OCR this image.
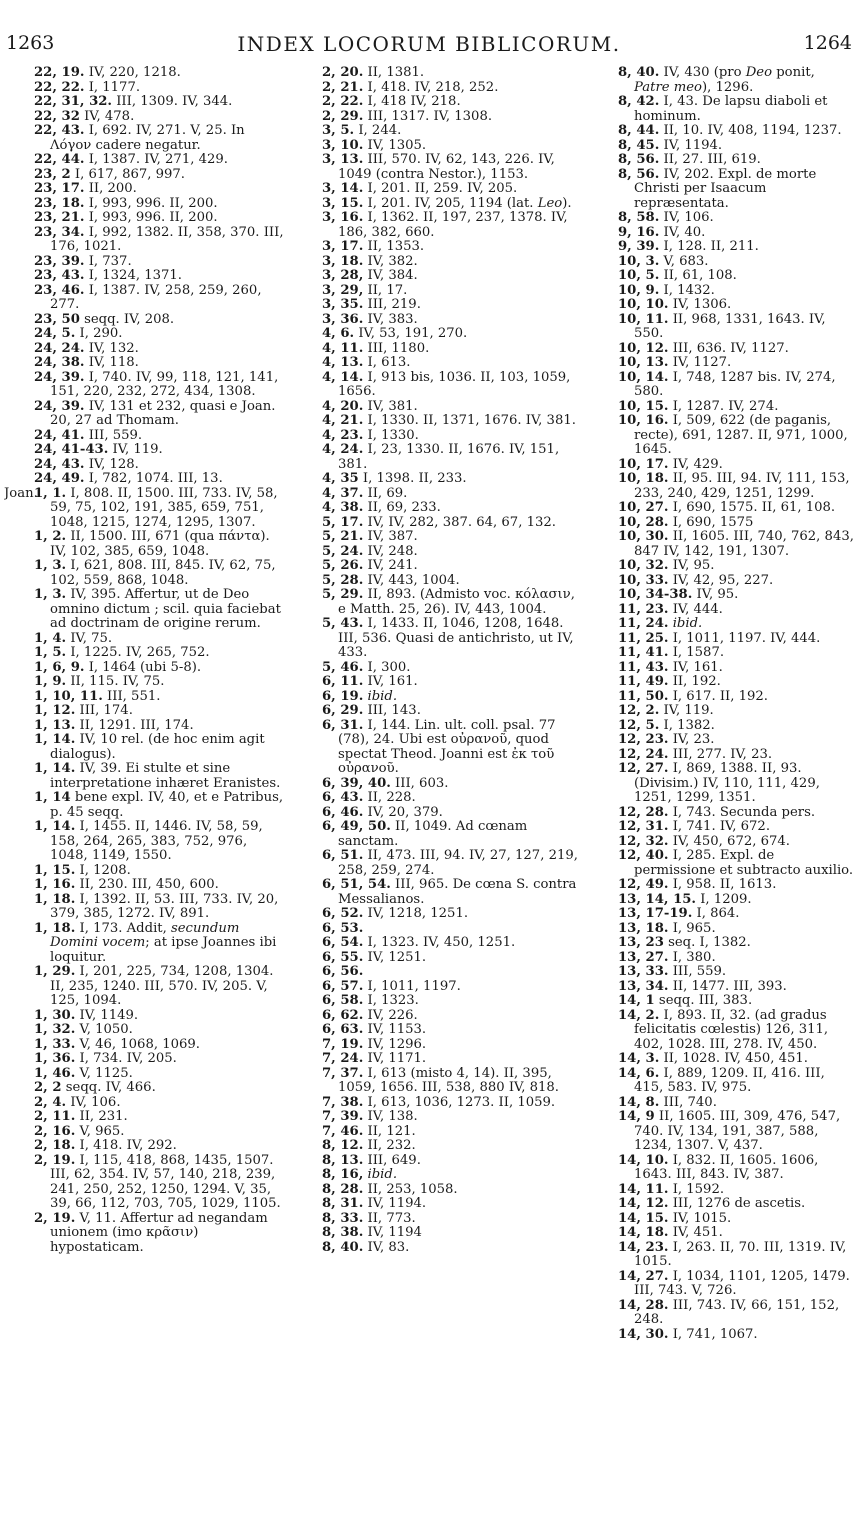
1263	INDEX LOCORUM BIBLICORUM.	1264

22, 19. IV, 220, 1218.

22, 22. I, 1177.

22, 31, 32. III, 1309. IV, 344.

22, 32 IV, 478.

22, 43. I, 692. IV, 271. V, 25. In Λόγον cadere negatur.

22, 44. I, 1387. IV, 271, 429.

23, 2 I, 617, 867, 997.

23, 17. II, 200.

23, 18. I, 993, 996. II, 200.

23, 21. I, 993, 996. II, 200.

23, 34. I, 992, 1382. II, 358, 370. III, 176, 1021.

23, 39. I, 737.

23, 43. I, 1324, 1371.

23, 46. I, 1387. IV, 258, 259, 260, 277.

23, 50 seqq. IV, 208.

24, 5. I, 290.

24, 24. IV, 132.

24, 38. IV, 118.

24, 39. I, 740. IV, 99, 118, 121, 141, 151, 220, 232, 272, 434, 1308.

24, 39. IV, 131 et 232, quasi e Joan. 20, 27 ad Thomam.

24, 41. III, 559.

24, 41-43. IV, 119.

24, 43. IV, 128.

24, 49. I, 782, 1074. III, 13.

Joan.1, 1. I, 808. II, 1500. III, 733. IV, 58, 59, 75, 102, 191, 385, 659, 751, 1048, 1215, 1274, 1295, 1307.

1, 2. II, 1500. III, 671 (qua πάντα). IV, 102, 385, 659, 1048.

1, 3. I, 621, 808. III, 845. IV, 62, 75, 102, 559, 868, 1048.

1, 3. IV, 395. Affertur, ut de Deo omnino dictum ; scil. quia faciebat ad doctrinam de origine rerum.

1, 4. IV, 75.

1, 5. I, 1225. IV, 265, 752.

1, 6, 9. I, 1464 (ubi 5-8).

1, 9. II, 115. IV, 75.

1, 10, 11. III, 551.

1, 12. III, 174.

1, 13. II, 1291. III, 174.

1, 14. IV, 10 rel. (de hoc enim agit dialogus).

1, 14. IV, 39. Ei stulte et sine interpretatione inhæret Eranistes.

1, 14 bene expl. IV, 40, et e Patribus, p. 45 seqq.

1, 14. I, 1455. II, 1446. IV, 58, 59, 158, 264, 265, 383, 752, 976, 1048, 1149, 1550.

1, 15. I, 1208.

1, 16. II, 230. III, 450, 600.

1, 18. I, 1392. II, 53. III, 733. IV, 20, 379, 385, 1272. IV, 891.

1, 18. I, 173. Addit, secundum Domini vocem; at ipse Joannes ibi loquitur.

1, 29. I, 201, 225, 734, 1208, 1304. II, 235, 1240. III, 570. IV, 205. V, 125, 1094.

1, 30. IV, 1149.

1, 32. V, 1050.

1, 33. V, 46, 1068, 1069.

1, 36. I, 734. IV, 205.

1, 46. V, 1125.

2, 2 seqq. IV, 466.

2, 4. IV, 106.

2, 11. II, 231.

2, 16. V, 965.

2, 18. I, 418. IV, 292.

2, 19. I, 115, 418, 868, 1435, 1507. III, 62, 354. IV, 57, 140, 218, 239, 241, 250, 252, 1250, 1294. V, 35, 39, 66, 112, 703, 705, 1029, 1105.

2, 19. V, 11. Affertur ad negandam unionem (imo κρᾶσιν) hypostaticam.

2, 20. II, 1381.

2, 21. I, 418. IV, 218, 252.

2, 22. I, 418 IV, 218.

2, 29. III, 1317. IV, 1308.

3, 5. I, 244.

3, 10. IV, 1305.

3, 13. III, 570. IV, 62, 143, 226. IV, 1049 (contra Nestor.), 1153.

3, 14. I, 201. II, 259. IV, 205.

3, 15. I, 201. IV, 205, 1194 (lat. Leo).

3, 16. I, 1362. II, 197, 237, 1378. IV, 186, 382, 660.

3, 17. II, 1353.

3, 18. IV, 382.

3, 28, IV, 384.

3, 29, II, 17.

3, 35. III, 219.

3, 36. IV, 383.

4, 6. IV, 53, 191, 270.

4, 11. III, 1180.

4, 13. I, 613.

4, 14. I, 913 bis, 1036. II, 103, 1059, 1656.

4, 20. IV, 381.

4, 21. I, 1330. II, 1371, 1676. IV, 381.

4, 23. I, 1330.

4, 24. I, 23, 1330. II, 1676. IV, 151, 381.

4, 35 I, 1398. II, 233.

4, 37. II, 69.

4, 38. II, 69, 233.

5, 17. IV, IV, 282, 387. 64, 67, 132.

5, 21. IV, 387.

5, 24. IV, 248.

5, 26. IV, 241.

5, 28. IV, 443, 1004.

5, 29. II, 893. (Admisto voc. κόλασιν, e Matth. 25, 26). IV, 443, 1004.

5, 43. I, 1433. II, 1046, 1208, 1648. III, 536. Quasi de antichristo, ut IV, 433.

5, 46. I, 300.

6, 11. IV, 161.

6, 19. ibid.

6, 29. III, 143.

6, 31. I, 144. Lin. ult. coll. psal. 77 (78), 24. Ubi est οὐρανοῦ, quod spectat Theod. Joanni est ἐκ τοῦ οὐρανοῦ.

6, 39, 40. III, 603.

6, 43. II, 228.

6, 46. IV, 20, 379.

6, 49, 50. II, 1049. Ad cœnam sanctam.

6, 51. II, 473. III, 94. IV, 27, 127, 219, 258, 259, 274.

6, 51, 54. III, 965. De cœna S. contra Messalianos.

6, 52. IV, 1218, 1251.

6, 53.

6, 54. I, 1323. IV, 450, 1251.

6, 55. IV, 1251.

6, 56.

6, 57. I, 1011, 1197.

6, 58. I, 1323.

6, 62. IV, 226.

6, 63. IV, 1153.

7, 19. IV, 1296.

7, 24. IV, 1171.

7, 37. I, 613 (misto 4, 14). II, 395, 1059, 1656. III, 538, 880 IV, 818.

7, 38. I, 613, 1036, 1273. II, 1059.

7, 39. IV, 138.

7, 46. II, 121.

8, 12. II, 232.

8, 13. III, 649.

8, 16, ibid.

8, 28. II, 253, 1058.

8, 31. IV, 1194.

8, 33. II, 773.

8, 38. IV, 1194

8, 40. IV, 83.

8, 40. IV, 430 (pro Deo ponit, Patre meo), 1296.

8, 42. I, 43. De lapsu diaboli et hominum.

8, 44. II, 10. IV, 408, 1194, 1237.

8, 45. IV, 1194.

8, 56. II, 27. III, 619.

8, 56. IV, 202. Expl. de morte Christi per Isaacum repræsentata.

8, 58. IV, 106.

9, 16. IV, 40.

9, 39. I, 128. II, 211.

10, 3. V, 683.

10, 5. II, 61, 108.

10, 9. I, 1432.

10, 10. IV, 1306.

10, 11. II, 968, 1331, 1643. IV, 550.

10, 12. III, 636. IV, 1127.

10, 13. IV, 1127.

10, 14. I, 748, 1287 bis. IV, 274, 580.

10, 15. I, 1287. IV, 274.

10, 16. I, 509, 622 (de paganis, recte), 691, 1287. II, 971, 1000, 1645.

10, 17. IV, 429.

10, 18. II, 95. III, 94. IV, 111, 153, 233, 240, 429, 1251, 1299.

10, 27. I, 690, 1575. II, 61, 108.

10, 28. I, 690, 1575

10, 30. II, 1605. III, 740, 762, 843, 847 IV, 142, 191, 1307.

10, 32. IV, 95.

10, 33. IV, 42, 95, 227.

10, 34-38. IV, 95.

11, 23. IV, 444.

11, 24. ibid.

11, 25. I, 1011, 1197. IV, 444.

11, 41. I, 1587.

11, 43. IV, 161.

11, 49. II, 192.

11, 50. I, 617. II, 192.

12, 2. IV, 119.

12, 5. I, 1382.

12, 23. IV, 23.

12, 24. III, 277. IV, 23.

12, 27. I, 869, 1388. II, 93. (Divisim.) IV, 110, 111, 429, 1251, 1299, 1351.

12, 28. I, 743. Secunda pers.

12, 31. I, 741. IV, 672.

12, 32. IV, 450, 672, 674.

12, 40. I, 285. Expl. de permissione et subtracto auxilio.

12, 49. I, 958. II, 1613.

13, 14, 15. I, 1209.

13, 17-19. I, 864.

13, 18. I, 965.

13, 23 seq. I, 1382.

13, 27. I, 380.

13, 33. III, 559.

13, 34. II, 1477. III, 393.

14, 1 seqq. III, 383.

14, 2. I, 893. II, 32. (ad gradus felicitatis cœlestis) 126, 311, 402, 1028. III, 278. IV, 450.

14, 3. II, 1028. IV, 450, 451.

14, 6. I, 889, 1209. II, 416. III, 415, 583. IV, 975.

14, 8. III, 740.

14, 9 II, 1605. III, 309, 476, 547, 740. IV, 134, 191, 387, 588, 1234, 1307. V, 437.

14, 10. I, 832. II, 1605. 1606, 1643. III, 843. IV, 387.

14, 11. I, 1592.

14, 12. III, 1276 de ascetis.

14, 15. IV, 1015.

14, 18. IV, 451.

14, 23. I, 263. II, 70. III, 1319. IV, 1015.

14, 27. I, 1034, 1101, 1205, 1479. III, 743. V, 726.

14, 28. III, 743. IV, 66, 151, 152, 248.

14, 30. I, 741, 1067.
